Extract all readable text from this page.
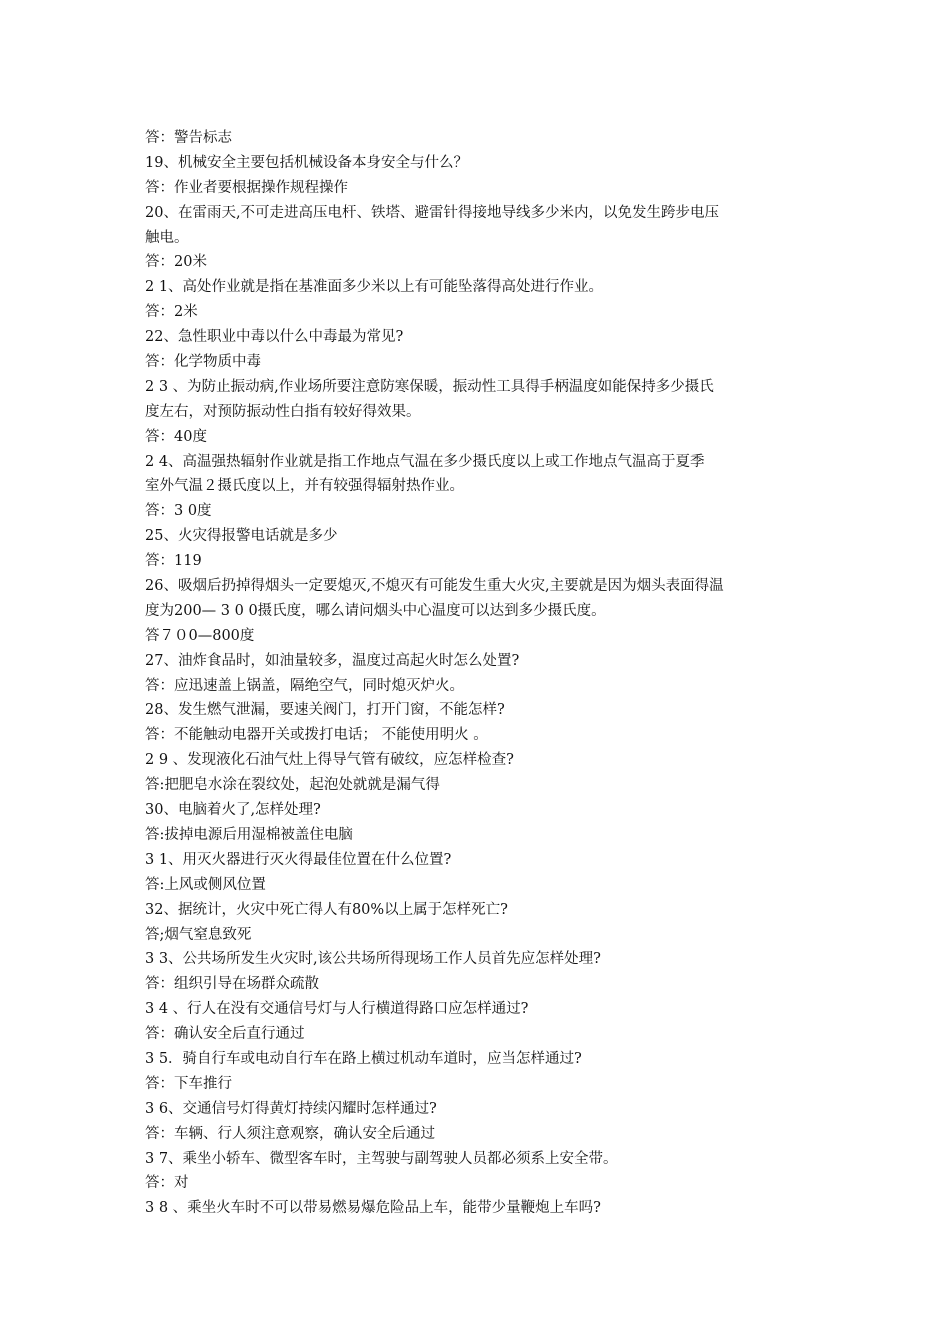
答：警告标志
19、机械安全主要包括机械设备本身安全与什么？
答：作业者要根据操作规程操作
20、在雷雨天,不可走进高压电杆、铁塔、避雷针得接地导线多少米内，以免发生跨步电压
触电。
答：20米
2 1、高处作业就是指在基准面多少米以上有可能坠落得高处进行作业。
答：2米
22、急性职业中毒以什么中毒最为常见?
答：化学物质中毒
2 3 、为防止振动病,作业场所要注意防寒保暖，振动性工具得手柄温度如能保持多少摄氏
度左右，对预防振动性白指有较好得效果。
答：40度
2 4、高温强热辐射作业就是指工作地点气温在多少摄氏度以上或工作地点气温高于夏季
室外气温２摄氏度以上，并有较强得辐射热作业。
答：3 0度
25、火灾得报警电话就是多少
答：119
26、吸烟后扔掉得烟头一定要熄灭,不熄灭有可能发生重大火灾,主要就是因为烟头表面得温
度为200— 3 0 0摄氏度，哪么请问烟头中心温度可以达到多少摄氏度。
答７０0—800度
27、油炸食品时，如油量较多，温度过高起火时怎么处置?
答：应迅速盖上锅盖，隔绝空气，同时熄灭炉火。
28、发生燃气泄漏，要速关阀门，打开门窗，不能怎样?
答：不能触动电器开关或拨打电话； 不能使用明火 。
2 9 、发现液化石油气灶上得导气管有破纹，应怎样检查?
答:把肥皂水涂在裂纹处，起泡处就就是漏气得
30、电脑着火了,怎样处理?
答:拔掉电源后用湿棉被盖住电脑
3 1、用灭火器进行灭火得最佳位置在什么位置?
答:上风或侧风位置
32、据统计，火灾中死亡得人有80%以上属于怎样死亡?
答;烟气窒息致死
3 3、公共场所发生火灾时,该公共场所得现场工作人员首先应怎样处理?
答：组织引导在场群众疏散
3 4 、行人在没有交通信号灯与人行横道得路口应怎样通过?
答：确认安全后直行通过
3 5．骑自行车或电动自行车在路上横过机动车道时，应当怎样通过?
答：下车推行
3 6、交通信号灯得黄灯持续闪耀时怎样通过?
答：车辆、行人须注意观察，确认安全后通过
3 7、乘坐小轿车、微型客车时，主驾驶与副驾驶人员都必须系上安全带。
答：对
3 8 、乘坐火车时不可以带易燃易爆危险品上车，能带少量鞭炮上车吗?
